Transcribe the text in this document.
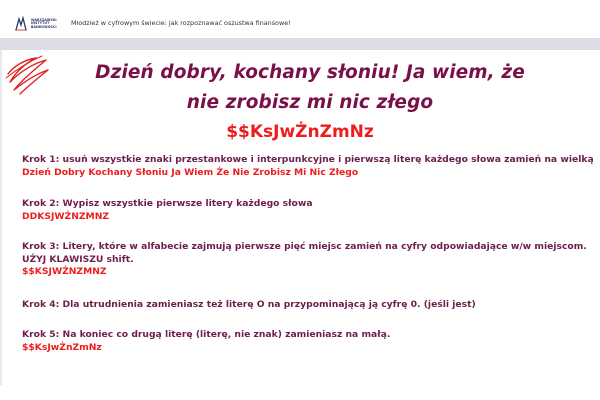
WARSZAWSKI
INSTYTUT
BANKOWOŚCI Młodzież w cyfrowym świecie: jak rozpoznawać oszustwa finansowe!
Dzień dobry, kochany słoniu! Ja wiem, że
nie zrobisz mi nic złego
$$KsJwŻnZmNz
Krok 1: usuń wszystkie znaki przestankowe i interpunkcyjne i pierwszą literę każdego słowa zamień na wielką
Dzień Dobry Kochany Słoniu Ja Wiem Że Nie Zrobisz Mi Nic Złego
Krok 2: Wypisz wszystkie pierwsze litery każdego słowa
DDKSJWŻNZMNZ
Krok 3: Litery, które w alfabecie zajmują pierwsze pięć miejsc zamień na cyfry odpowiadające w/w miejscom.
UŻYJ KLAWISZU shift.
$$KSJWŻNZMNZ
Krok 4: Dla utrudnienia zamieniasz też literę O na przypominającą ją cyfrę 0. (jeśli jest)
Krok 5: Na koniec co drugą literę (literę, nie znak) zamieniasz na małą.
$$KsJwŻnZmNz
